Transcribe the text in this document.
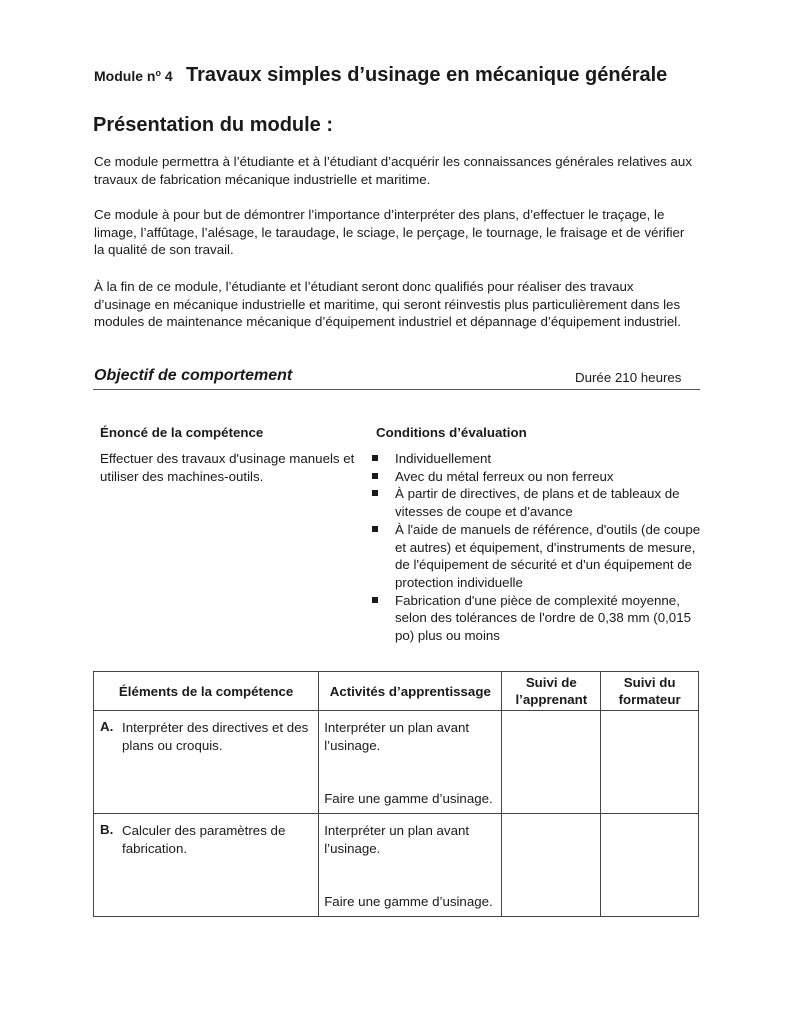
Module $n^o$ 4 Travaux simples d’usinage en mécanique générale
Présentation du module :
Ce module permettra à l’étudiante et à l’étudiant d’acquérir les connaissances générales relatives aux travaux de fabrication mécanique industrielle et maritime.
Ce module à pour but de démontrer l’importance d’interpréter des plans, d’effectuer le traçage, le limage, l’affûtage, l’alésage, le taraudage, le sciage, le perçage, le tournage, le fraisage et de vérifier la qualité de son travail.
À la fin de ce module, l’étudiante et l’étudiant seront donc qualifiés pour réaliser des travaux d’usinage en mécanique industrielle et maritime, qui seront réinvestis plus particulièrement dans les modules de maintenance mécanique d’équipement industriel et dépannage d’équipement industriel.
Objectif de comportement	Durée 210 heures
Énoncé de la compétence
Effectuer des travaux d'usinage manuels et utiliser des machines-outils.
Conditions d’évaluation
Individuellement
Avec du métal ferreux ou non ferreux
À partir de directives, de plans et de tableaux de vitesses de coupe et d'avance
À l'aide de manuels de référence, d'outils (de coupe et autres) et équipement, d'instruments de mesure, de l'équipement de sécurité et d'un équipement de protection individuelle
Fabrication d'une pièce de complexité moyenne, selon des tolérances de l'ordre de 0,38 mm (0,015 po) plus ou moins
Éléments de la compétence	Activités d’apprentissage	Suivi de l’apprenant	Suivi du formateur

A. Interpréter des directives et des plans ou croquis.	Interpréter un plan avant l’usinage.
Faire une gamme d’usinage.		

B. Calculer des paramètres de fabrication.	Interpréter un plan avant l’usinage.
Faire une gamme d’usinage.		
